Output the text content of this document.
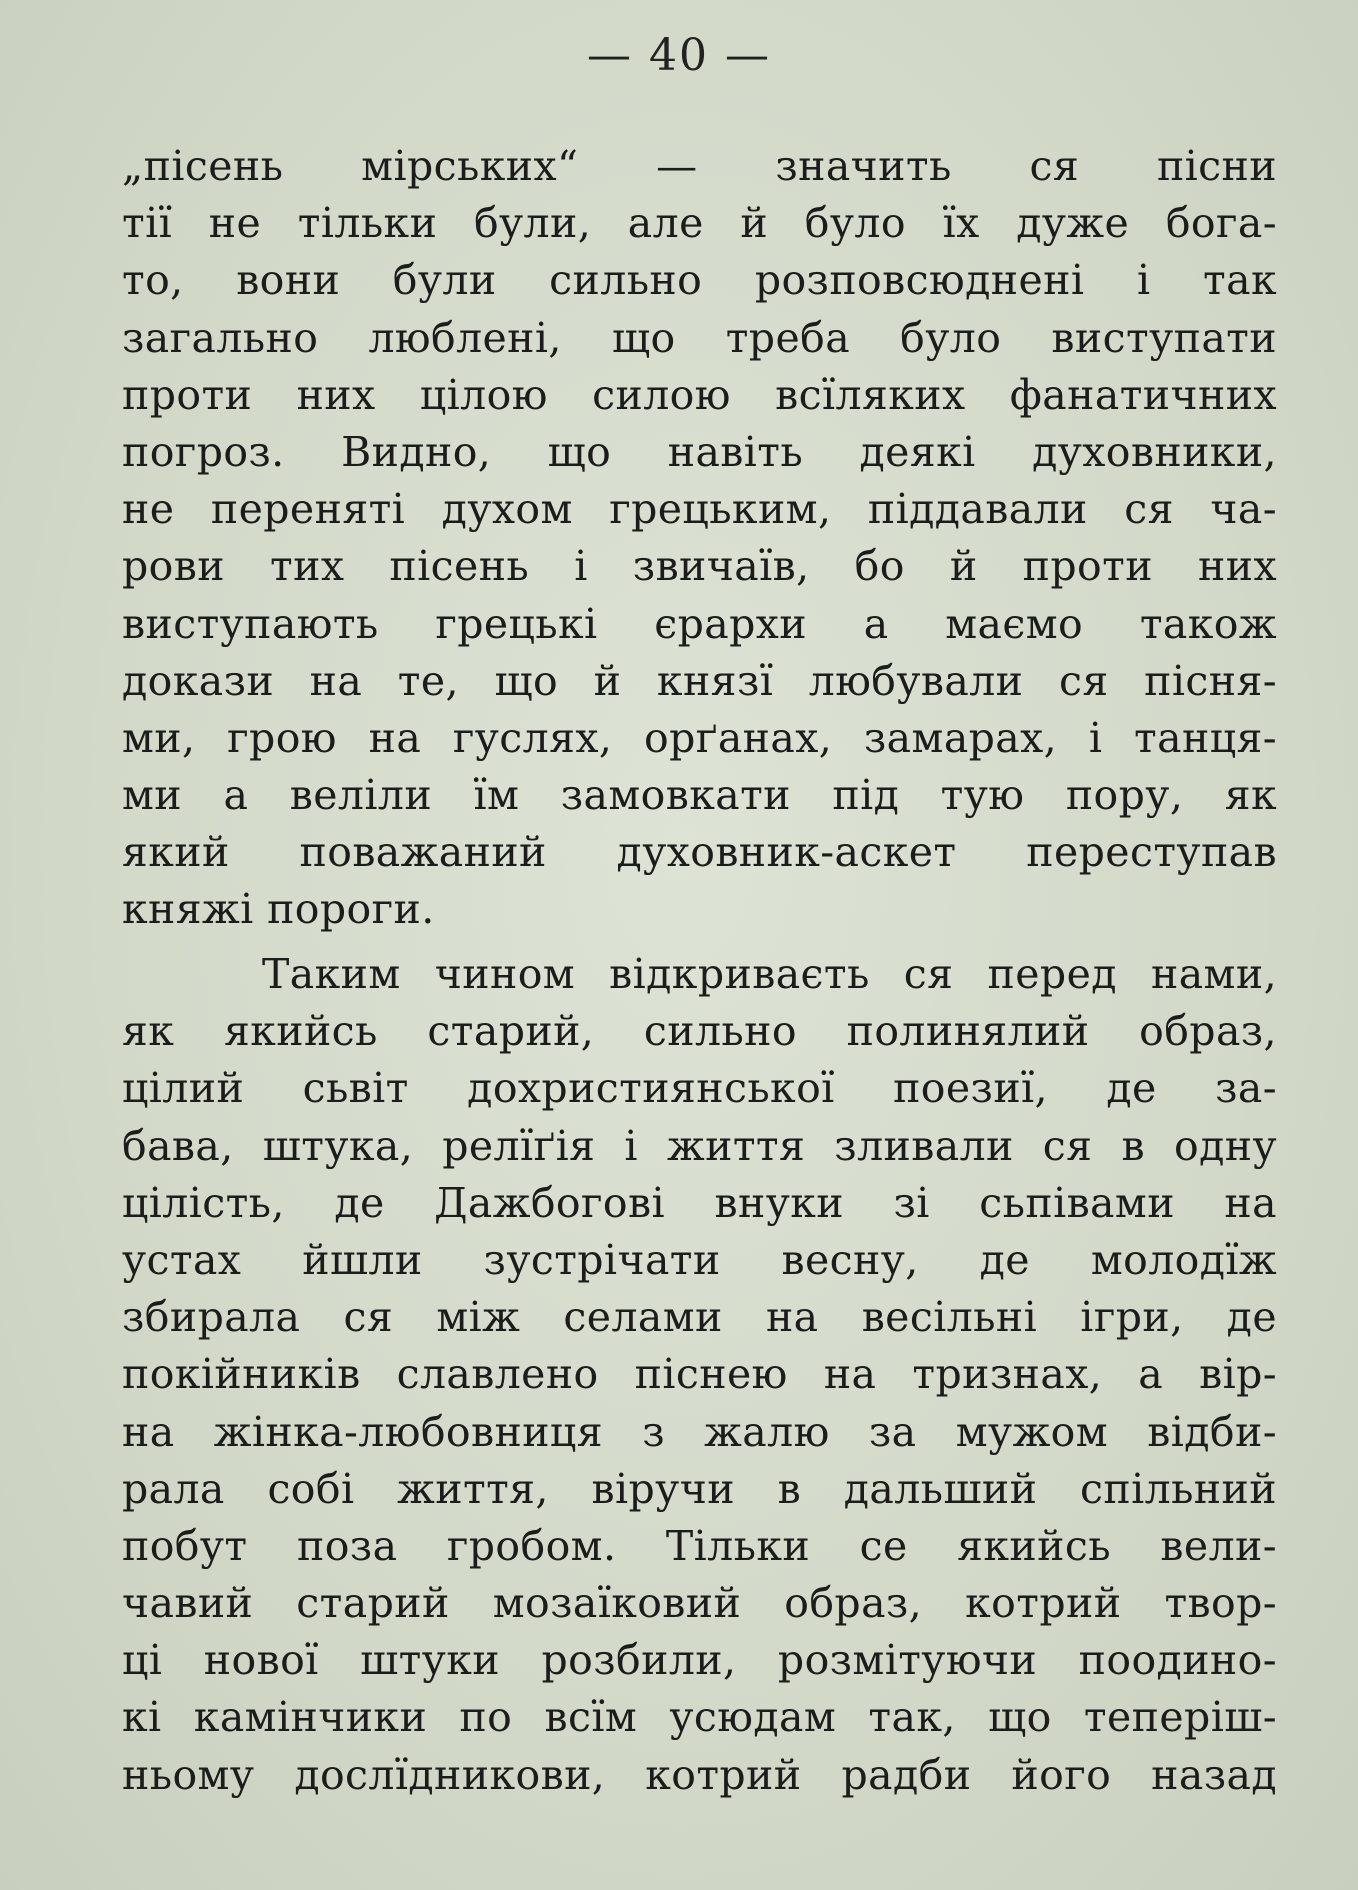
— 40 —
„пісень мірських“ — значить ся пісни
тії не тільки були, але й було їх дуже бога-
то, вони були сильно розповсюднені і так
загально люблені, що треба було виступати
проти них цілою силою всїляких фанатичних
погроз. Видно, що навіть деякі духовники,
не переняті духом грецьким, піддавали ся ча-
рови тих пісень і звичаїв, бо й проти них
виступають грецькі єрархи а маємо також
докази на те, що й князї любували ся пісня-
ми, грою на гуслях, орґанах, замарах, і танця-
ми а веліли їм замовкати під тую пору, як
який поважаний духовник-аскет переступав
княжі пороги.
Таким чином відкриваєть ся перед нами,
як якийсь старий, сильно полинялий образ,
цілий сьвіт дохристиянської поезиї, де за-
бава, штука, релїґія і життя зливали ся в одну
цілість, де Дажбогові внуки зі сьпівами на
устах йшли зустрічати весну, де молодїж
збирала ся між селами на весільні ігри, де
покійників славлено піснею на тризнах, а вір-
на жінка-любовниця з жалю за мужом відби-
рала собі життя, віручи в дальший спільний
побут поза гробом. Тільки се якийсь вели-
чавий старий мозаїковий образ, котрий твор-
ці нової штуки розбили, розмітуючи поодино-
кі камінчики по всїм усюдам так, що теперіш-
ньому дослїдникови, котрий радби його назад
